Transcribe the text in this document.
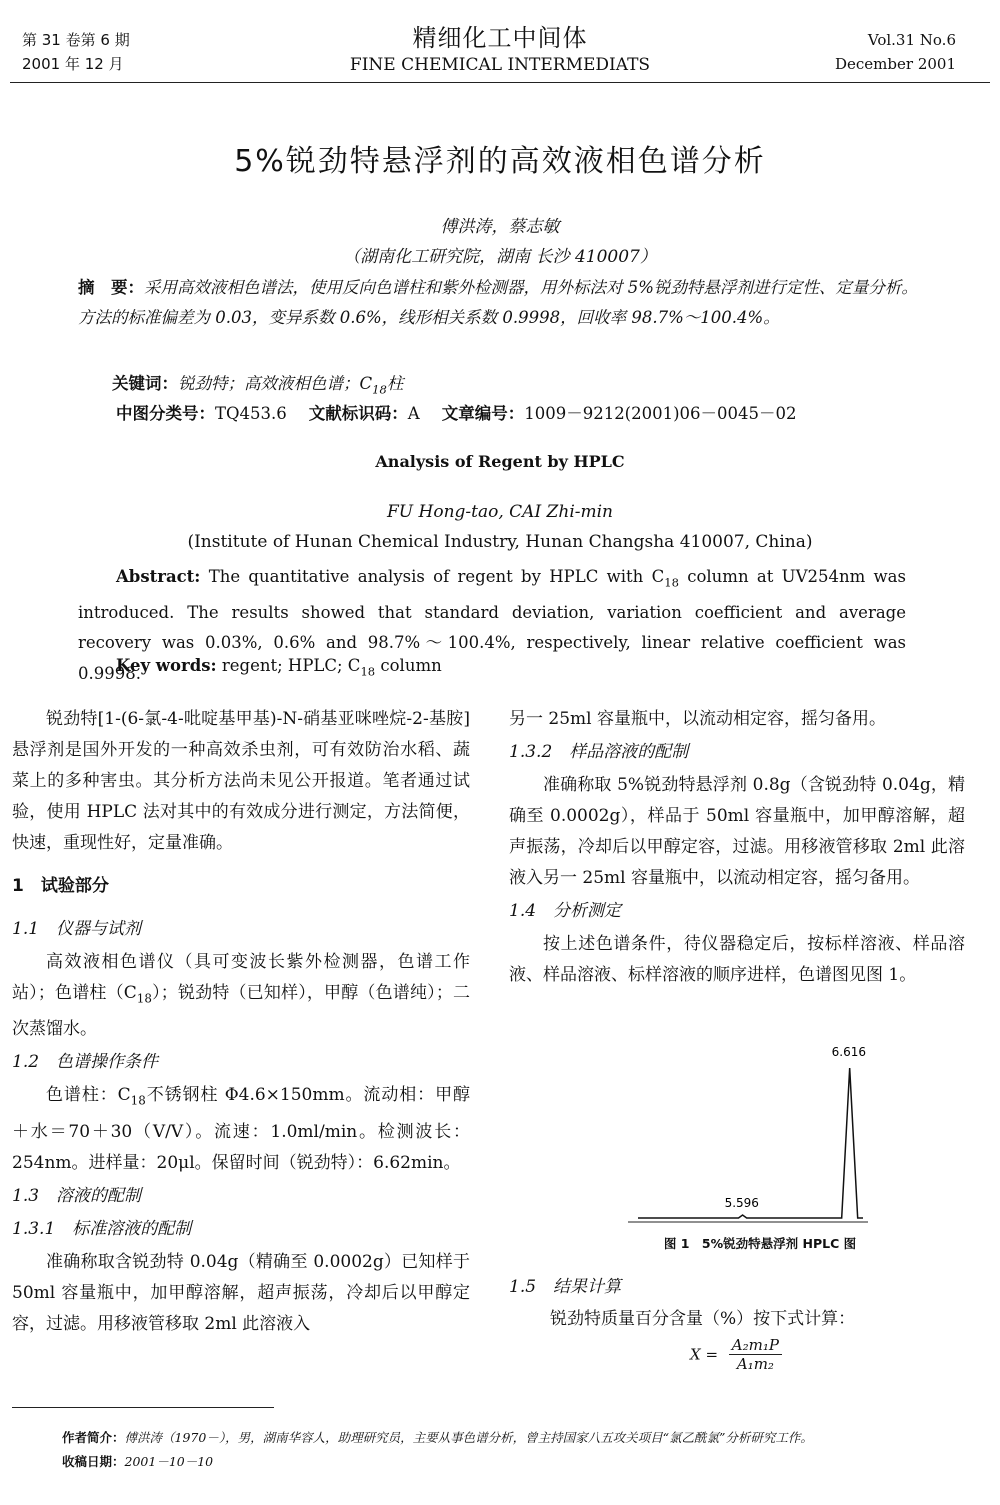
第 31 卷第 6 期
2001 年 12 月
精细化工中间体
FINE CHEMICAL INTERMEDIATS
Vol.31 No.6
December 2001
5%锐劲特悬浮剂的高效液相色谱分析
傅洪涛，蔡志敏
（湖南化工研究院，湖南 长沙 410007）
摘　要：采用高效液相色谱法，使用反向色谱柱和紫外检测器，用外标法对 5%锐劲特悬浮剂进行定性、定量分析。方法的标准偏差为 0.03，变异系数 0.6%，线形相关系数 0.9998，回收率 98.7%～100.4%。
关键词：锐劲特；高效液相色谱；$C_{18}$柱
中图分类号：TQ453.6 文献标识码：A 文章编号：1009－9212(2001)06－0045－02
Analysis of Regent by HPLC
FU Hong-tao, CAI Zhi-min
(Institute of Hunan Chemical Industry, Hunan Changsha 410007, China)
Abstract: The quantitative analysis of regent by HPLC with $C_{18}$ column at UV254nm was introduced. The results showed that standard deviation, variation coefficient and average recovery was 0.03%, 0.6% and 98.7%～100.4%, respectively, linear relative coefficient was 0.9998.
Key words: regent; HPLC; $C_{18}$ column

锐劲特[1-(6-氯-4-吡啶基甲基)-N-硝基亚咪唑烷-2-基胺]悬浮剂是国外开发的一种高效杀虫剂，可有效防治水稻、蔬菜上的多种害虫。其分析方法尚未见公开报道。笔者通过试验，使用 HPLC 法对其中的有效成分进行测定，方法简便，快速，重现性好，定量准确。

1　试验部分
1.1　仪器与试剂

高效液相色谱仪（具可变波长紫外检测器，色谱工作站）；色谱柱$(C_{18})$；锐劲特（已知样），甲醇（色谱纯）；二次蒸馏水。

1.2　色谱操作条件

色谱柱：$C_{18}$不锈钢柱 Φ4.6×150mm。流动相：甲醇＋水＝70＋30（V/V）。流速：1.0ml/min。检测波长：254nm。进样量：20μl。保留时间（锐劲特）：6.62min。

1.3　溶液的配制
1.3.1　标准溶液的配制

准确称取含锐劲特 0.04g（精确至 0.0002g）已知样于 50ml 容量瓶中，加甲醇溶解，超声振荡，冷却后以甲醇定容，过滤。用移液管移取 2ml 此溶液入

另一 25ml 容量瓶中，以流动相定容，摇匀备用。

1.3.2　样品溶液的配制

准确称取 5%锐劲特悬浮剂 0.8g（含锐劲特 0.04g，精确至 0.0002g），样品于 50ml 容量瓶中，加甲醇溶解，超声振荡，冷却后以甲醇定容，过滤。用移液管移取 2ml 此溶液入另一 25ml 容量瓶中，以流动相定容，摇匀备用。

1.4　分析测定

按上述色谱条件，待仪器稳定后，按标样溶液、样品溶液、样品溶液、标样溶液的顺序进样，色谱图见图 1。

5.596
6.616
图 1　5%锐劲特悬浮剂 HPLC 图
1.5　结果计算
锐劲特质量百分含量（%）按下式计算：
$X = \frac{\text{A₂m₁P}}{\text{A₁m₂}}$
作者简介：傅洪涛（1970－），男，湖南华容人，助理研究员，主要从事色谱分析，曾主持国家八五攻关项目“氯乙酰氯”分析研究工作。
收稿日期：2001－10－10
